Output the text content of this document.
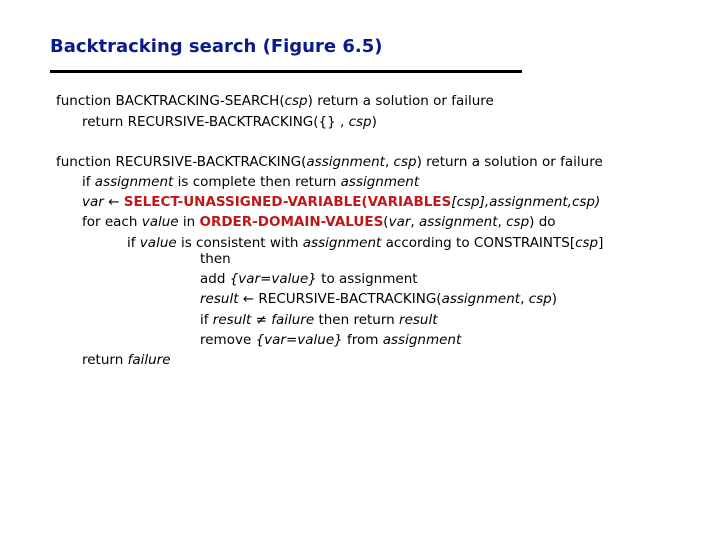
Backtracking search (Figure 6.5)
function BACKTRACKING-SEARCH(csp) return a solution or failure
return RECURSIVE-BACKTRACKING({} , csp)
function RECURSIVE-BACKTRACKING(assignment, csp) return a solution or failure
if assignment is complete then return assignment
var ← SELECT-UNASSIGNED-VARIABLE(VARIABLES[csp],assignment,csp)
for each value in ORDER-DOMAIN-VALUES(var, assignment, csp) do
if value is consistent with assignment according to CONSTRAINTS[csp]
then
add {var=value} to assignment
result ← RECURSIVE-BACTRACKING(assignment, csp)
if result ≠ failure then return result
remove {var=value} from assignment
return failure
